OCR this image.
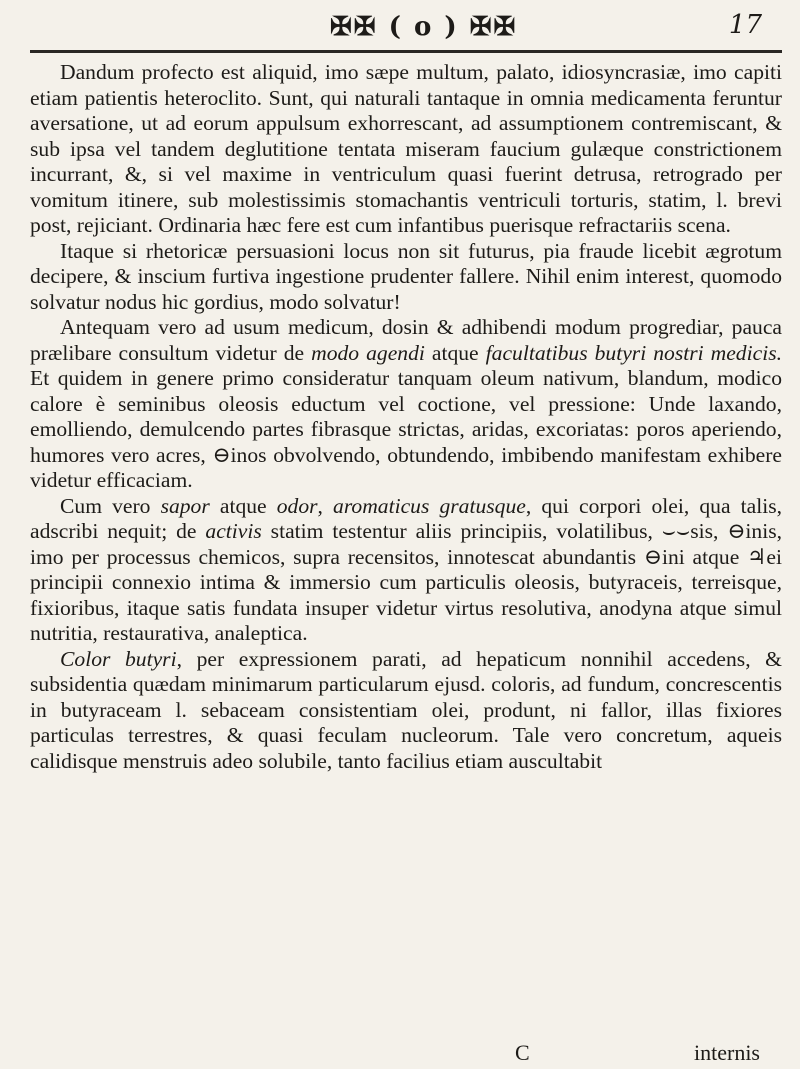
✠✠ ( o ) ✠✠	17

Dandum profecto est aliquid, imo sæpe multum, palato, idiosyncrasiæ, imo capiti etiam patientis heteroclito. Sunt, qui naturali tantaque in omnia medicamenta feruntur aversatione, ut ad eorum appulsum exhorrescant, ad assumptionem contremiscant, & sub ipsa vel tandem deglutitione tentata miseram faucium gulæque constrictionem incurrant, &, si vel maxime in ventriculum quasi fuerint detrusa, retrogrado per vomitum itinere, sub molestissimis stomachantis ventriculi torturis, statim, l. brevi post, rejiciant. Ordinaria hæc fere est cum infantibus puerisque refractariis scena.

Itaque si rhetoricæ persuasioni locus non sit futurus, pia fraude licebit ægrotum decipere, & inscium furtiva ingestione prudenter fallere. Nihil enim interest, quomodo solvatur nodus hic gordius, modo solvatur!

Antequam vero ad usum medicum, dosin & adhibendi modum progrediar, pauca prælibare consultum videtur de modo agendi atque facultatibus butyri nostri medicis. Et quidem in genere primo consideratur tanquam oleum nativum, blandum, modico calore è seminibus oleosis eductum vel coctione, vel pressione: Unde laxando, emolliendo, demulcendo partes fibrasque strictas, aridas, excoriatas: poros aperiendo, humores vero acres, ⊖inos obvolvendo, obtundendo, imbibendo manifestam exhibere videtur efficaciam.

Cum vero sapor atque odor, aromaticus gratusque, qui corpori olei, qua talis, adscribi nequit; de activis statim testentur aliis principiis, volatilibus, ⌣⌣sis, ⊖inis, imo per processus chemicos, supra recensitos, innotescat abundantis ⊖ini atque ♃ei principii connexio intima & immersio cum particulis oleosis, butyraceis, terreisque, fixioribus, itaque satis fundata insuper videtur virtus resolutiva, anodyna atque simul nutritia, restaurativa, analeptica.

Color butyri, per expressionem parati, ad hepaticum nonnihil accedens, & subsidentia quædam minimarum particularum ejusd. coloris, ad fundum, concrescentis in butyraceam l. sebaceam consistentiam olei, produnt, ni fallor, illas fixiores particulas terrestres, & quasi feculam nucleorum. Tale vero concretum, aqueis calidisque menstruis adeo solubile, tanto facilius etiam auscultabit

C	internis
